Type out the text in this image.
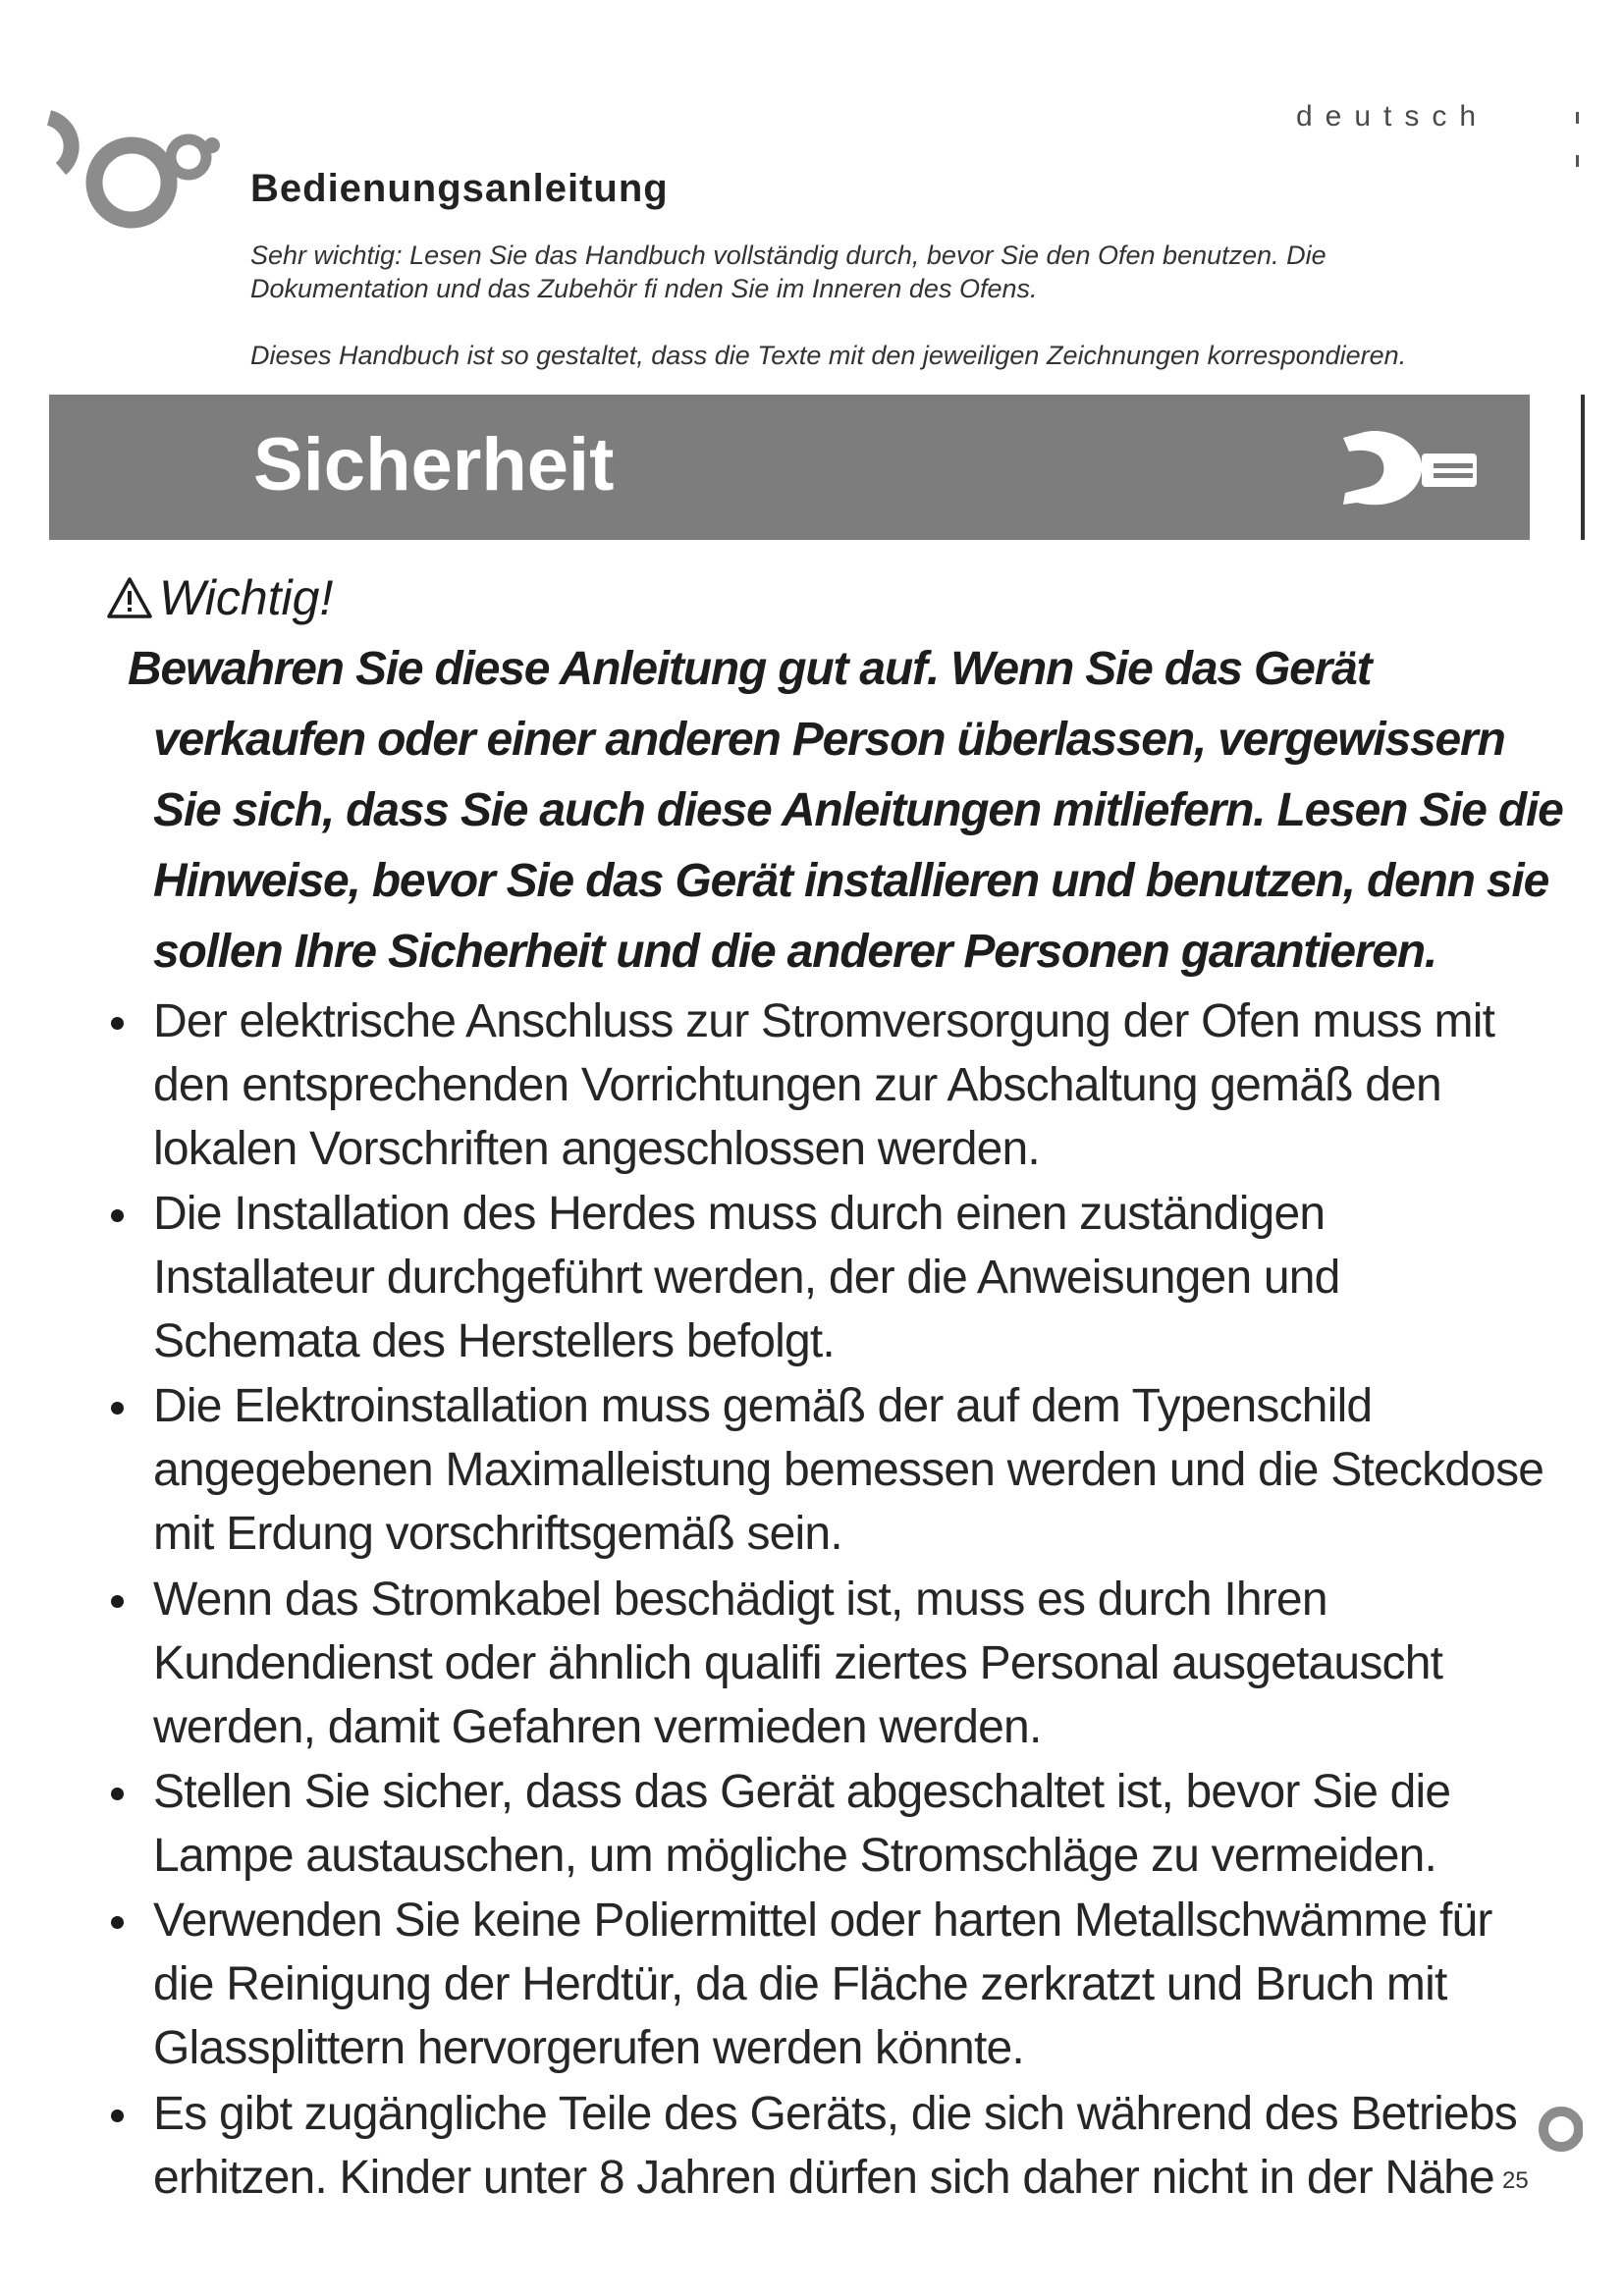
deutsch
Bedienungsanleitung
Sehr wichtig: Lesen Sie das Handbuch vollständig durch, bevor Sie den Ofen benutzen. Die Dokumentation und das Zubehör fi nden Sie im Inneren des Ofens.
Dieses Handbuch ist so gestaltet, dass die Texte mit den jeweiligen Zeichnungen korrespondieren.
Sicherheit
Wichtig!
Bewahren Sie diese Anleitung gut auf. Wenn Sie das Gerät
verkaufen oder einer anderen Person überlassen, vergewissern
Sie sich, dass Sie auch diese Anleitungen mitliefern. Lesen Sie die
Hinweise, bevor Sie das Gerät installieren und benutzen, denn sie
sollen Ihre Sicherheit und die anderer Personen garantieren.
Der elektrische Anschluss zur Stromversorgung der Ofen muss mit den entsprechenden Vorrichtungen zur Abschaltung gemäß den lokalen Vorschriften angeschlossen werden.
Die Installation des Herdes muss durch einen zuständigen Installateur durchgeführt werden, der die Anweisungen und Schemata des Herstellers befolgt.
Die Elektroinstallation muss gemäß der auf dem Typenschild angegebenen Maximalleistung bemessen werden und die Steckdose mit Erdung vorschriftsgemäß sein.
Wenn das Stromkabel beschädigt ist, muss es durch Ihren Kundendienst oder ähnlich qualifi ziertes Personal ausgetauscht werden, damit Gefahren vermieden werden.
Stellen Sie sicher, dass das Gerät abgeschaltet ist, bevor Sie die Lampe austauschen, um mögliche Stromschläge zu vermeiden.
Verwenden Sie keine Poliermittel oder harten Metallschwämme für die Reinigung der Herdtür, da die Fläche zerkratzt und Bruch mit Glassplittern hervorgerufen werden könnte.
Es gibt zugängliche Teile des Geräts, die sich während des Betriebs erhitzen. Kinder unter 8 Jahren dürfen sich daher nicht in der Nähe 25
